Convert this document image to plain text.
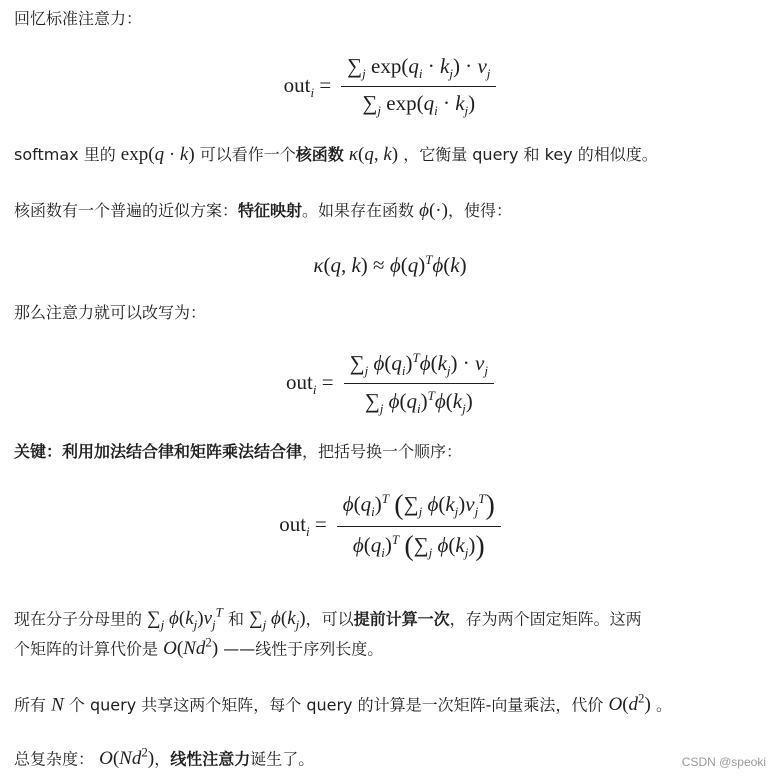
回忆标准注意力：
$out_i = \frac{\sum_j \exp(q_i \cdot k_j) \cdot v_j}{\sum_j \exp(q_i \cdot k_j)}$
softmax 里的 exp(q · k) 可以看作一个核函数 κ(q, k) ，它衡量 query 和 key 的相似度。
核函数有一个普遍的近似方案：特征映射。如果存在函数 ϕ(·)，使得：
κ(q, $k) \approx \phi(q)^T\phi(k)$
那么注意力就可以改写为：
$out_i = \frac{\sum_j \phi(q_i)^T\phi(k_j) \cdot v_j}{\sum_j \phi(q_i)^T\phi(k_j)}$
关键：利用加法结合律和矩阵乘法结合律，把括号换一个顺序：
$out_i = \frac{\phi(q_i)^T (\sum_j \phi(k_j)v_j^T)}{\phi(q_i)^T (\sum_j \phi(k_j))}$
现在分子分母里的 $\sum_j$ $\phi(k_j)v_j^T$ 和 $\sum_j$ $\phi(k_j)$，可以提前计算一次，存为两个固定矩阵。这两
个矩阵的计算代价是 O(Nd$^2$) ——线性于序列长度。
所有 N 个 query 共享这两个矩阵，每个 query 的计算是一次矩阵-向量乘法，代价 $O(d^2)$ 。
总复杂度： O(Nd$^2$)，线性注意力诞生了。	CSDN @speoki
